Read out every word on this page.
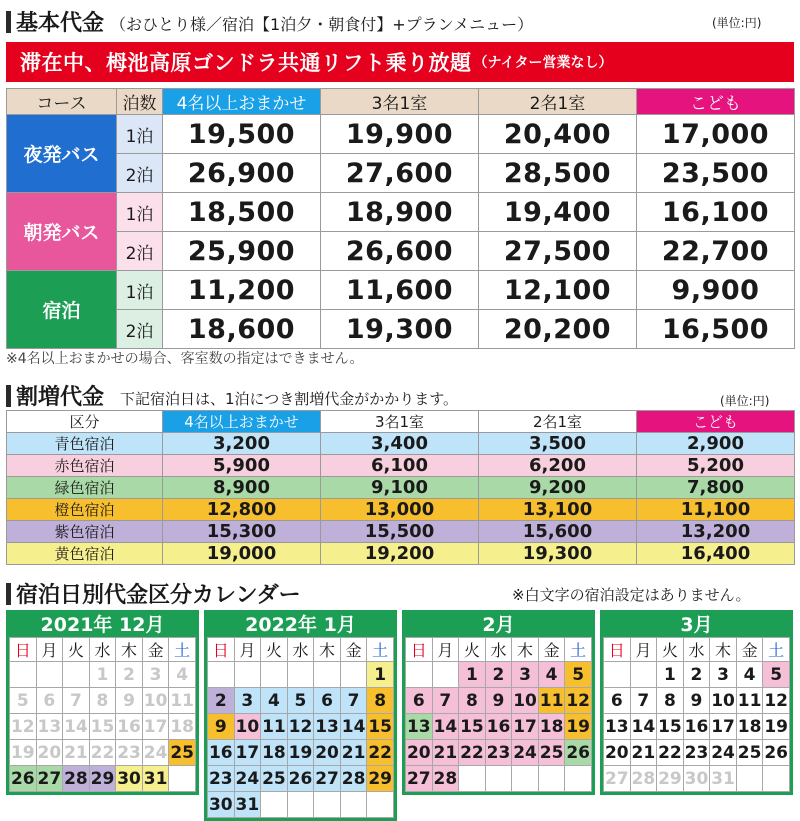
基本代金 （おひとり様／宿泊【1泊夕・朝食付】+プランメニュー）	(単位:円)
滞在中、栂池高原ゴンドラ共通リフト乗り放題 （ナイター営業なし）
コース	泊数	4名以上おまかせ	3名1室	2名1室	こども
夜発バス	1泊	19,500	19,900	20,400	17,000
	2泊	26,900	27,600	28,500	23,500
朝発バス	1泊	18,500	18,900	19,400	16,100
	2泊	25,900	26,600	27,500	22,700
宿泊	1泊	11,200	11,600	12,100	9,900
	2泊	18,600	19,300	20,200	16,500
※4名以上おまかせの場合、客室数の指定はできません。
割増代金 下記宿泊日は、1泊につき割増代金がかかります。	(単位:円)
区分	4名以上おまかせ	3名1室	2名1室	こども
青色宿泊	3,200	3,400	3,500	2,900
赤色宿泊	5,900	6,100	6,200	5,200
緑色宿泊	8,900	9,100	9,200	7,800
橙色宿泊	12,800	13,000	13,100	11,100
紫色宿泊	15,300	15,500	15,600	13,200
黄色宿泊	19,000	19,200	19,300	16,400
宿泊日別代金区分カレンダー	※白文字の宿泊設定はありません。
2021年 12月
日	月	火	水	木	金	土
			1	2	3	4
5	6	7	8	9	10	11
12	13	14	15	16	17	18
19	20	21	22	23	24	25
26	27	28	29	30	31	
2022年 1月
日	月	火	水	木	金	土
						1
2	3	4	5	6	7	8
9	10	11	12	13	14	15
16	17	18	19	20	21	22
23	24	25	26	27	28	29
30	31					
2月
日	月	火	水	木	金	土
		1	2	3	4	5
6	7	8	9	10	11	12
13	14	15	16	17	18	19
20	21	22	23	24	25	26
27	28					
3月
日	月	火	水	木	金	土
		1	2	3	4	5
6	7	8	9	10	11	12
13	14	15	16	17	18	19
20	21	22	23	24	25	26
27	28	29	30	31		
